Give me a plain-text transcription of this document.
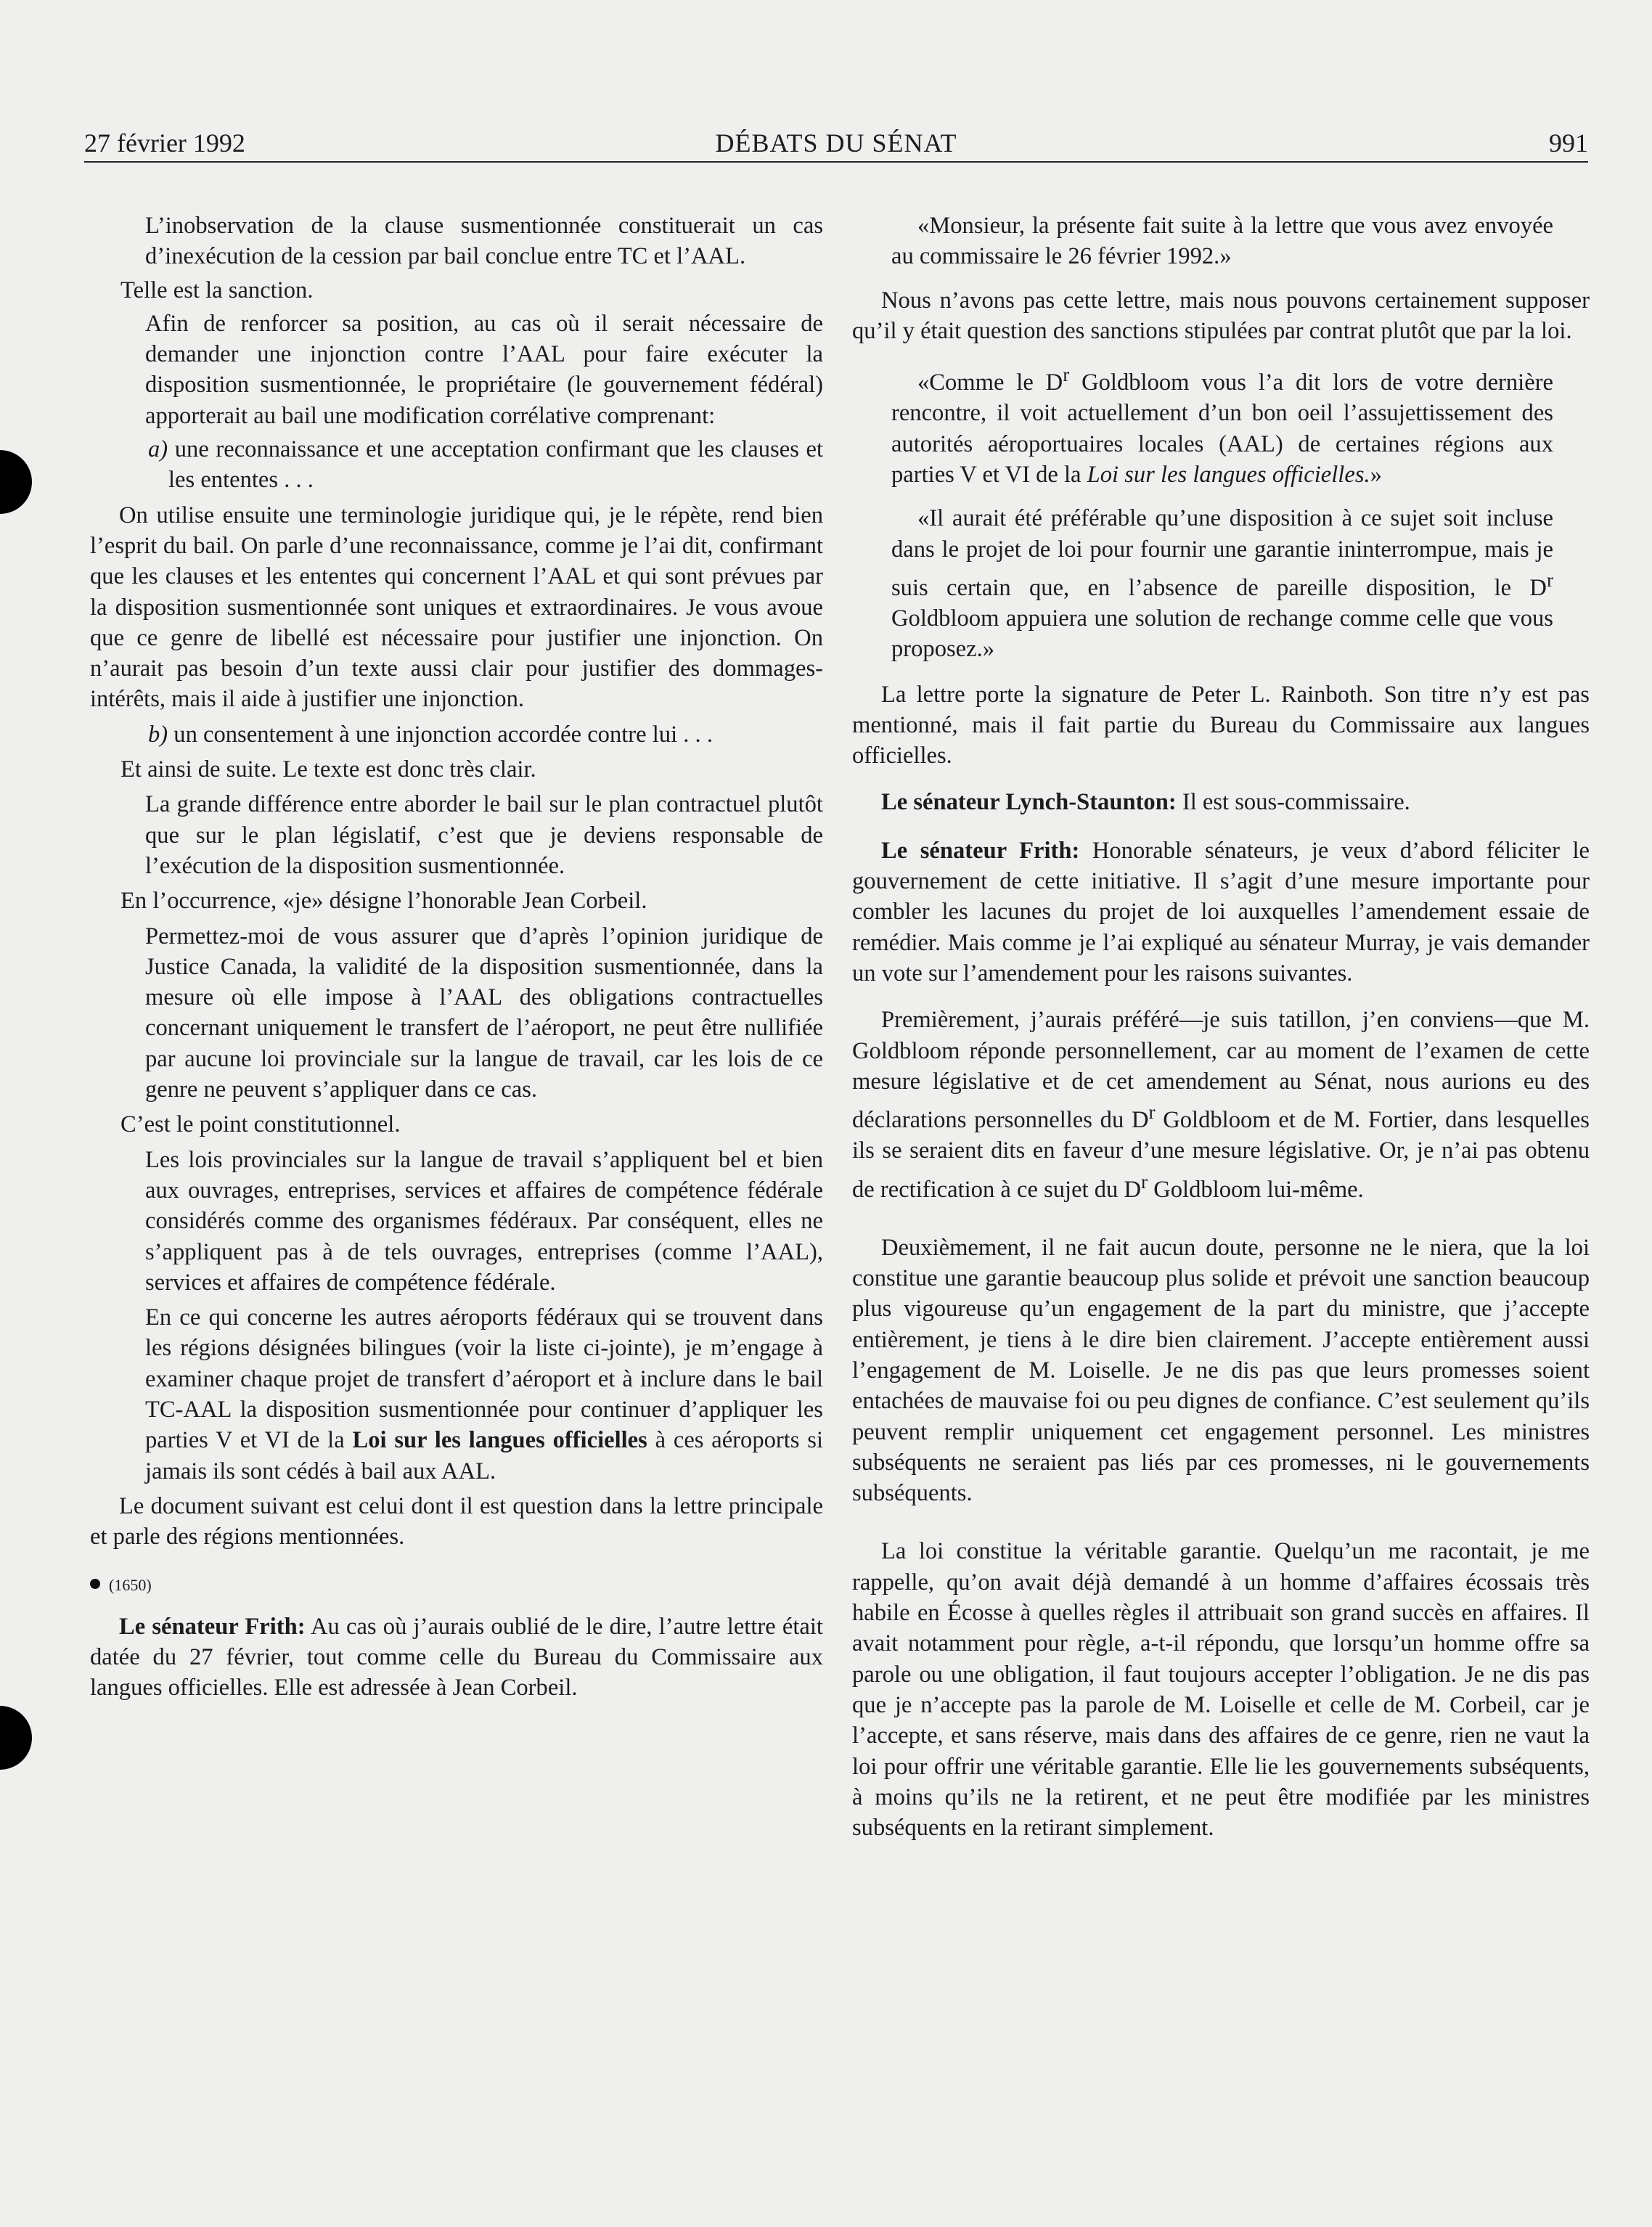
27 février 1992	DÉBATS DU SÉNAT	991

L’inobservation de la clause susmentionnée constituerait un cas d’inexécution de la cession par bail conclue entre TC et l’AAL.

Telle est la sanction.

Afin de renforcer sa position, au cas où il serait nécessaire de demander une injonction contre l’AAL pour faire exécuter la disposition susmentionnée, le propriétaire (le gouvernement fédéral) apporterait au bail une modification corrélative comprenant:

a) une reconnaissance et une acceptation confirmant que les clauses et les ententes . . .

On utilise ensuite une terminologie juridique qui, je le répète, rend bien l’esprit du bail. On parle d’une reconnaissance, comme je l’ai dit, confirmant que les clauses et les ententes qui concernent l’AAL et qui sont prévues par la disposition susmentionnée sont uniques et extraordinaires. Je vous avoue que ce genre de libellé est nécessaire pour justifier une injonction. On n’aurait pas besoin d’un texte aussi clair pour justifier des dommages-intérêts, mais il aide à justifier une injonction.

b) un consentement à une injonction accordée contre lui . . .

Et ainsi de suite. Le texte est donc très clair.

La grande différence entre aborder le bail sur le plan contractuel plutôt que sur le plan législatif, c’est que je deviens responsable de l’exécution de la disposition susmentionnée.

En l’occurrence, «je» désigne l’honorable Jean Corbeil.

Permettez-moi de vous assurer que d’après l’opinion juridique de Justice Canada, la validité de la disposition susmentionnée, dans la mesure où elle impose à l’AAL des obligations contractuelles concernant uniquement le transfert de l’aéroport, ne peut être nullifiée par aucune loi provinciale sur la langue de travail, car les lois de ce genre ne peuvent s’appliquer dans ce cas.

C’est le point constitutionnel.

Les lois provinciales sur la langue de travail s’appliquent bel et bien aux ouvrages, entreprises, services et affaires de compétence fédérale considérés comme des organismes fédéraux. Par conséquent, elles ne s’appliquent pas à de tels ouvrages, entreprises (comme l’AAL), services et affaires de compétence fédérale.

En ce qui concerne les autres aéroports fédéraux qui se trouvent dans les régions désignées bilingues (voir la liste ci-jointe), je m’engage à examiner chaque projet de transfert d’aéroport et à inclure dans le bail TC-AAL la disposition susmentionnée pour continuer d’appliquer les parties V et VI de la Loi sur les langues officielles à ces aéroports si jamais ils sont cédés à bail aux AAL.

Le document suivant est celui dont il est question dans la lettre principale et parle des régions mentionnées.

(1650)

Le sénateur Frith: Au cas où j’aurais oublié de le dire, l’autre lettre était datée du 27 février, tout comme celle du Bureau du Commissaire aux langues officielles. Elle est adressée à Jean Corbeil.

«Monsieur, la présente fait suite à la lettre que vous avez envoyée au commissaire le 26 février 1992.»

Nous n’avons pas cette lettre, mais nous pouvons certainement supposer qu’il y était question des sanctions stipulées par contrat plutôt que par la loi.

«Comme le $D^r$ Goldbloom vous l’a dit lors de votre dernière rencontre, il voit actuellement d’un bon oeil l’assujettissement des autorités aéroportuaires locales (AAL) de certaines régions aux parties V et VI de la Loi sur les langues officielles.»

«Il aurait été préférable qu’une disposition à ce sujet soit incluse dans le projet de loi pour fournir une garantie ininterrompue, mais je suis certain que, en l’absence de pareille disposition, le $D^r$ Goldbloom appuiera une solution de rechange comme celle que vous proposez.»

La lettre porte la signature de Peter L. Rainboth. Son titre n’y est pas mentionné, mais il fait partie du Bureau du Commissaire aux langues officielles.

Le sénateur Lynch-Staunton: Il est sous-commissaire.

Le sénateur Frith: Honorable sénateurs, je veux d’abord féliciter le gouvernement de cette initiative. Il s’agit d’une mesure importante pour combler les lacunes du projet de loi auxquelles l’amendement essaie de remédier. Mais comme je l’ai expliqué au sénateur Murray, je vais demander un vote sur l’amendement pour les raisons suivantes.

Premièrement, j’aurais préféré—je suis tatillon, j’en conviens—que M. Goldbloom réponde personnellement, car au moment de l’examen de cette mesure législative et de cet amendement au Sénat, nous aurions eu des déclarations personnelles du $D^r$ Goldbloom et de M. Fortier, dans lesquelles ils se seraient dits en faveur d’une mesure législative. Or, je n’ai pas obtenu de rectification à ce sujet du $D^r$ Goldbloom lui-même.

Deuxièmement, il ne fait aucun doute, personne ne le niera, que la loi constitue une garantie beaucoup plus solide et prévoit une sanction beaucoup plus vigoureuse qu’un engagement de la part du ministre, que j’accepte entièrement, je tiens à le dire bien clairement. J’accepte entièrement aussi l’engagement de M. Loiselle. Je ne dis pas que leurs promesses soient entachées de mauvaise foi ou peu dignes de confiance. C’est seulement qu’ils peuvent remplir uniquement cet engagement personnel. Les ministres subséquents ne seraient pas liés par ces promesses, ni le gouvernements subséquents.

La loi constitue la véritable garantie. Quelqu’un me racontait, je me rappelle, qu’on avait déjà demandé à un homme d’affaires écossais très habile en Écosse à quelles règles il attribuait son grand succès en affaires. Il avait notamment pour règle, a-t-il répondu, que lorsqu’un homme offre sa parole ou une obligation, il faut toujours accepter l’obligation. Je ne dis pas que je n’accepte pas la parole de M. Loiselle et celle de M. Corbeil, car je l’accepte, et sans réserve, mais dans des affaires de ce genre, rien ne vaut la loi pour offrir une véritable garantie. Elle lie les gouvernements subséquents, à moins qu’ils ne la retirent, et ne peut être modifiée par les ministres subséquents en la retirant simplement.
